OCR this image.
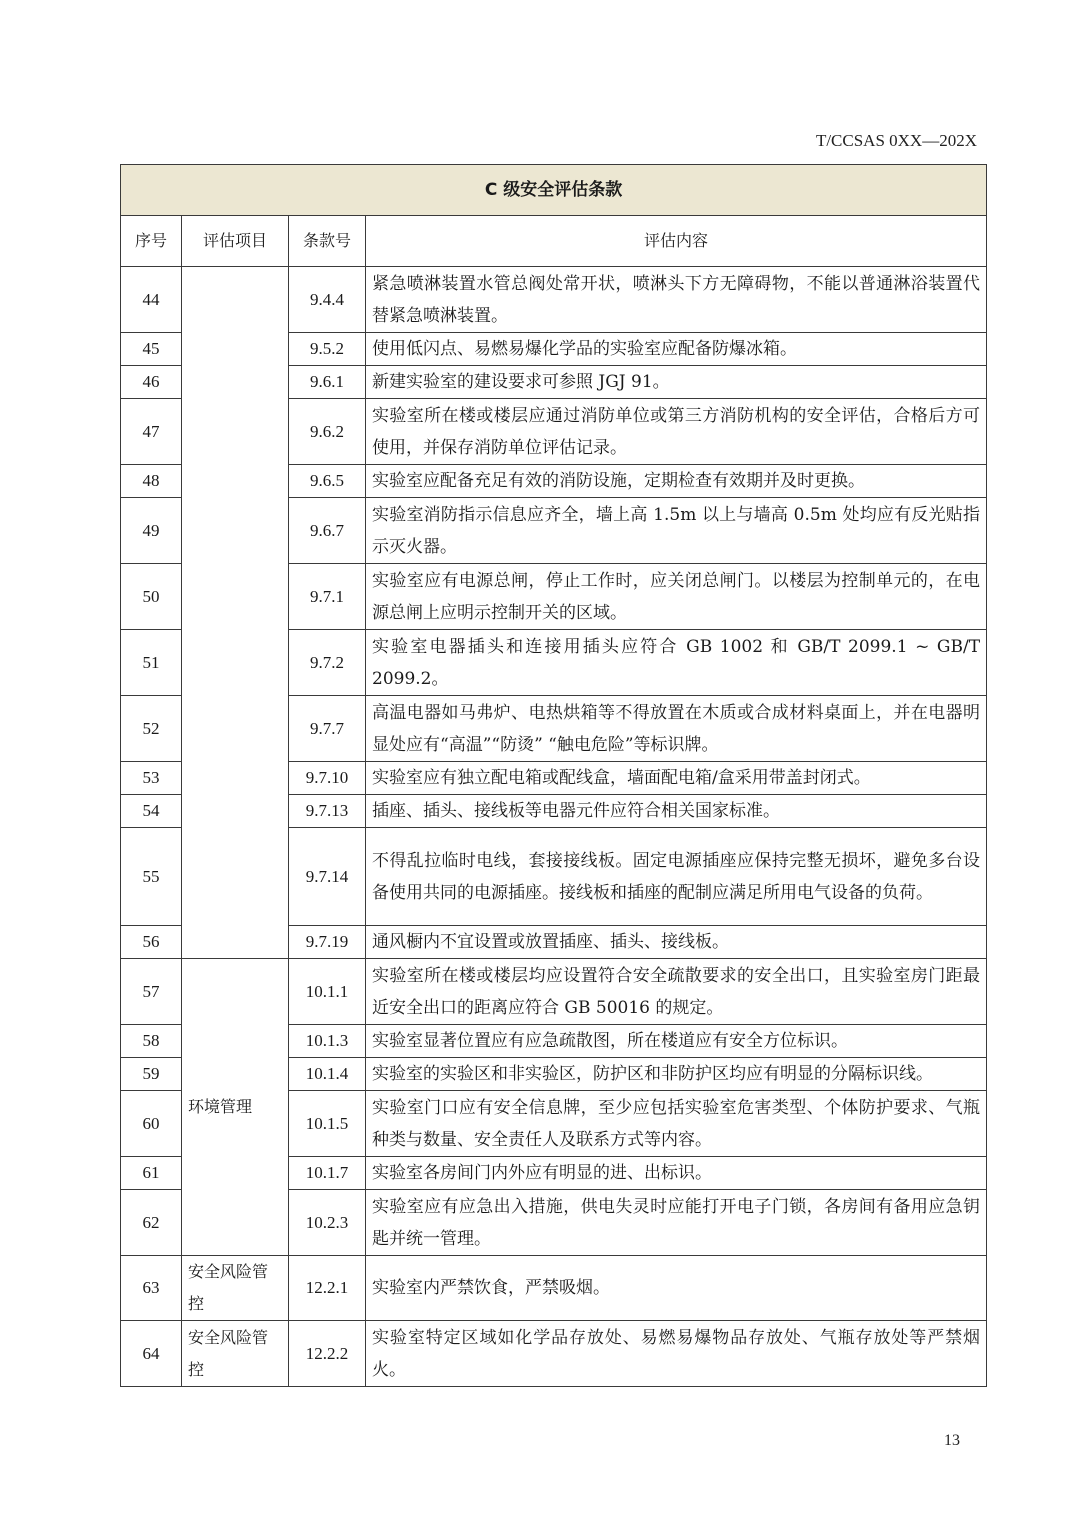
T/CCSAS 0XX—202X
C 级安全评估条款			
序号	评估项目	条款号	评估内容
44		9.4.4	紧急喷淋装置水管总阀处常开状，喷淋头下方无障碍物，不能以普通淋浴装置代替紧急喷淋装置。
45		9.5.2	使用低闪点、易燃易爆化学品的实验室应配备防爆冰箱。
46		9.6.1	新建实验室的建设要求可参照 JGJ 91。
47		9.6.2	实验室所在楼或楼层应通过消防单位或第三方消防机构的安全评估，合格后方可使用，并保存消防单位评估记录。
48		9.6.5	实验室应配备充足有效的消防设施，定期检查有效期并及时更换。
49		9.6.7	实验室消防指示信息应齐全，墙上高 1.5m 以上与墙高 0.5m 处均应有反光贴指示灭火器。
50		9.7.1	实验室应有电源总闸，停止工作时，应关闭总闸门。以楼层为控制单元的，在电源总闸上应明示控制开关的区域。
51		9.7.2	实验室电器插头和连接用插头应符合 GB 1002 和 GB/T 2099.1 ~ GB/T 2099.2。
52		9.7.7	高温电器如马弗炉、电热烘箱等不得放置在木质或合成材料桌面上，并在电器明显处应有“高温”“防烫” “触电危险”等标识牌。
53		9.7.10	实验室应有独立配电箱或配线盒，墙面配电箱/盒采用带盖封闭式。
54		9.7.13	插座、插头、接线板等电器元件应符合相关国家标准。
55		9.7.14	不得乱拉临时电线，套接接线板。固定电源插座应保持完整无损坏，避免多台设备使用共同的电源插座。接线板和插座的配制应满足所用电气设备的负荷。
56		9.7.19	通风橱内不宜设置或放置插座、插头、接线板。
57	环境管理	10.1.1	实验室所在楼或楼层均应设置符合安全疏散要求的安全出口，且实验室房门距最近安全出口的距离应符合 GB 50016 的规定。
58		10.1.3	实验室显著位置应有应急疏散图，所在楼道应有安全方位标识。
59		10.1.4	实验室的实验区和非实验区，防护区和非防护区均应有明显的分隔标识线。
60		10.1.5	实验室门口应有安全信息牌，至少应包括实验室危害类型、个体防护要求、气瓶种类与数量、安全责任人及联系方式等内容。
61		10.1.7	实验室各房间门内外应有明显的进、出标识。
62		10.2.3	实验室应有应急出入措施，供电失灵时应能打开电子门锁，各房间有备用应急钥匙并统一管理。
63	安全风险管控	12.2.1	实验室内严禁饮食，严禁吸烟。
64	安全风险管控	12.2.2	实验室特定区域如化学品存放处、易燃易爆物品存放处、气瓶存放处等严禁烟火。
13
